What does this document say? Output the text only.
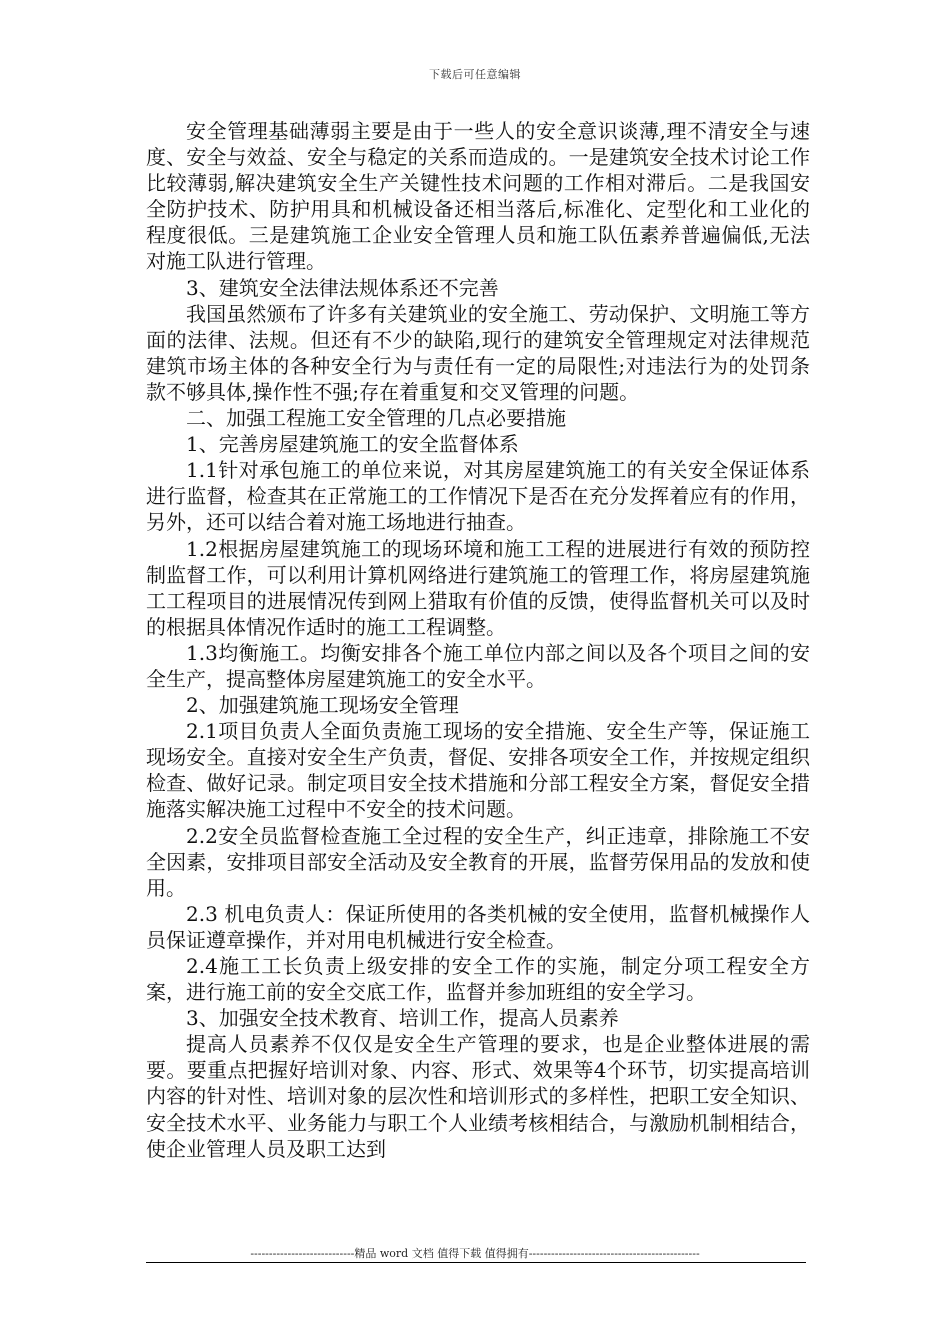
下载后可任意编辑

安全管理基础薄弱主要是由于一些人的安全意识谈薄,理不清安全与速度、安全与效益、安全与稳定的关系而造成的。一是建筑安全技术讨论工作比较薄弱,解决建筑安全生产关键性技术问题的工作相对滞后。二是我国安全防护技术、防护用具和机械设备还相当落后,标准化、定型化和工业化的程度很低。三是建筑施工企业安全管理人员和施工队伍素养普遍偏低,无法对施工队进行管理。

3、建筑安全法律法规体系还不完善

我国虽然颁布了许多有关建筑业的安全施工、劳动保护、文明施工等方面的法律、法规。但还有不少的缺陷,现行的建筑安全管理规定对法律规范建筑市场主体的各种安全行为与责任有一定的局限性;对违法行为的处罚条款不够具体,操作性不强;存在着重复和交叉管理的问题。

二、加强工程施工安全管理的几点必要措施

1、完善房屋建筑施工的安全监督体系

1.1针对承包施工的单位来说，对其房屋建筑施工的有关安全保证体系进行监督，检查其在正常施工的工作情况下是否在充分发挥着应有的作用，另外，还可以结合着对施工场地进行抽查。

1.2根据房屋建筑施工的现场环境和施工工程的进展进行有效的预防控制监督工作，可以利用计算机网络进行建筑施工的管理工作，将房屋建筑施工工程项目的进展情况传到网上猎取有价值的反馈，使得监督机关可以及时的根据具体情况作适时的施工工程调整。

1.3均衡施工。均衡安排各个施工单位内部之间以及各个项目之间的安全生产，提高整体房屋建筑施工的安全水平。

2、加强建筑施工现场安全管理

2.1项目负责人全面负责施工现场的安全措施、安全生产等，保证施工现场安全。直接对安全生产负责，督促、安排各项安全工作，并按规定组织检查、做好记录。制定项目安全技术措施和分部工程安全方案，督促安全措施落实解决施工过程中不安全的技术问题。

2.2安全员监督检查施工全过程的安全生产，纠正违章，排除施工不安全因素，安排项目部安全活动及安全教育的开展，监督劳保用品的发放和使用。

2.3 机电负责人：保证所使用的各类机械的安全使用，监督机械操作人员保证遵章操作，并对用电机械进行安全检查。

2.4施工工长负责上级安排的安全工作的实施，制定分项工程安全方案，进行施工前的安全交底工作，监督并参加班组的安全学习。

3、加强安全技术教育、培训工作，提高人员素养

提高人员素养不仅仅是安全生产管理的要求，也是企业整体进展的需要。要重点把握好培训对象、内容、形式、效果等4个环节，切实提高培训内容的针对性、培训对象的层次性和培训形式的多样性，把职工安全知识、安全技术水平、业务能力与职工个人业绩考核相结合，与激励机制相结合，使企业管理人员及职工达到

----------------------------精品 word 文档 值得下载 值得拥有----------------------------------------------
